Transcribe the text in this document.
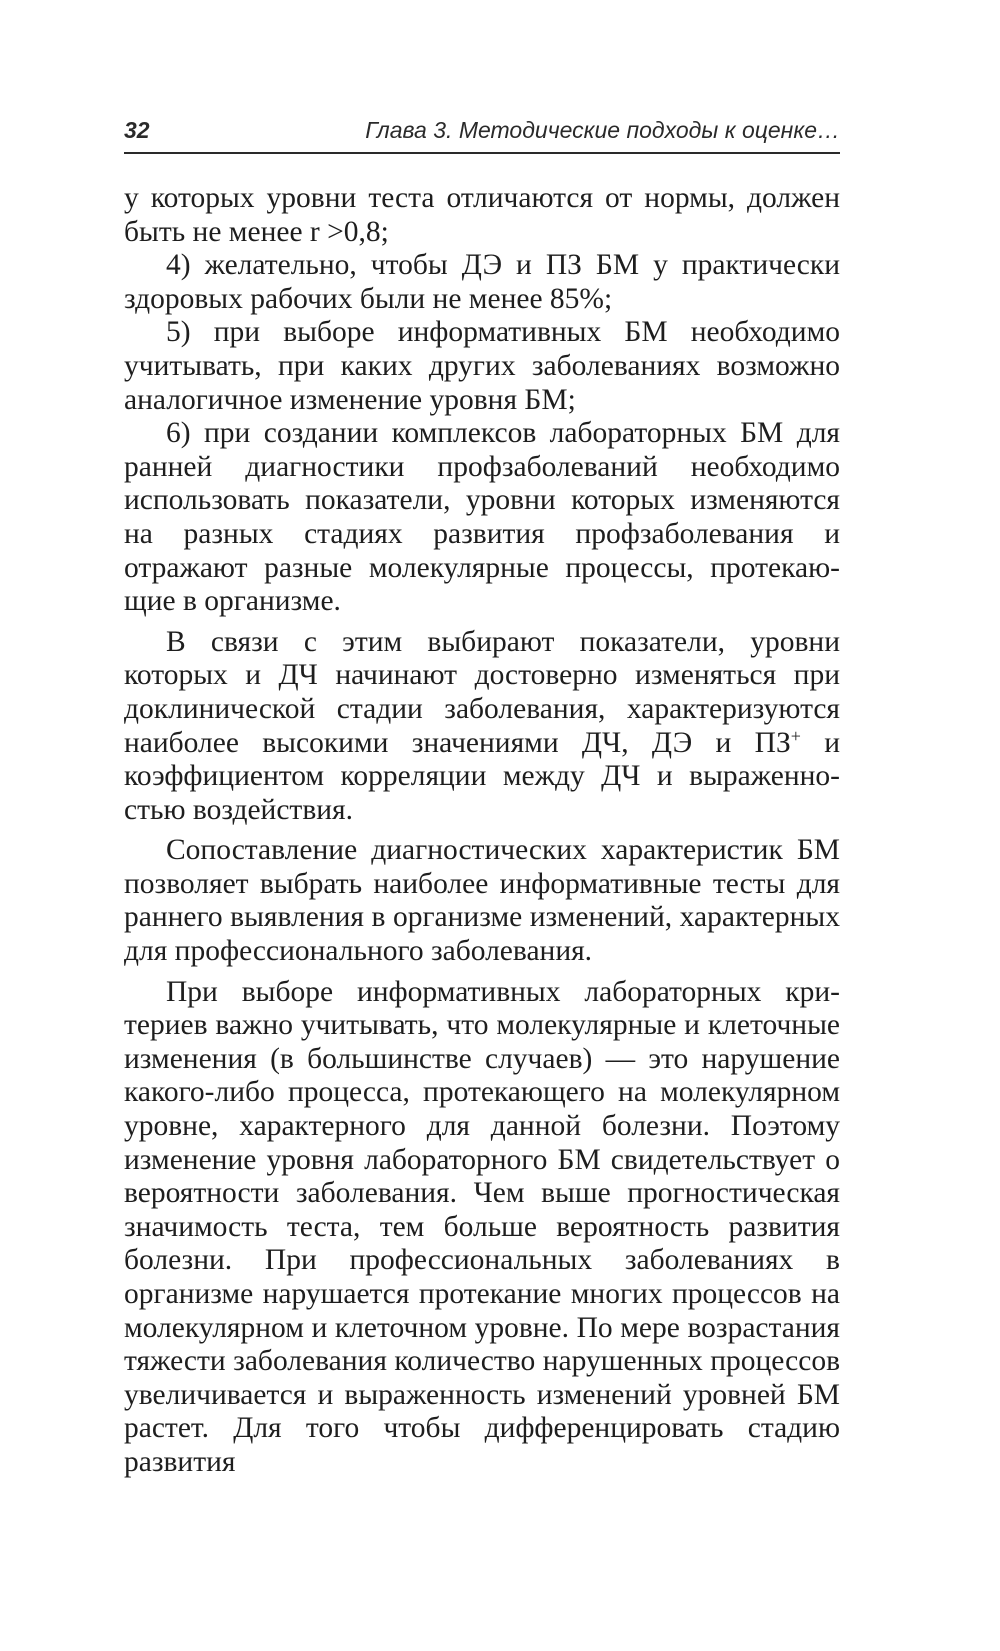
32	Глава 3. Методические подходы к оценке…

у которых уровни теста отличаются от нормы, должен быть не менее r >0,8;

4) желательно, чтобы ДЭ и ПЗ БМ у практически здоровых рабочих были не менее 85%;

5) при выборе информативных БМ необходимо учитывать, при каких других заболеваниях возможно аналогичное изменение уровня БМ;

6) при создании комплексов лабораторных БМ для ранней диагностики профзаболеваний необходимо использовать показатели, уровни которых изменяются на разных стадиях развития профзаболевания и отражают разные молекулярные процессы, протекающие в организме.

В связи с этим выбирают показатели, уровни которых и ДЧ начинают достоверно изменяться при доклинической стадии заболевания, характеризуются наиболее высокими значениями ДЧ, ДЭ и ПЗ+ и коэффициентом корреляции между ДЧ и выраженностью воздействия.

Сопоставление диагностических характеристик БМ позволяет выбрать наиболее информативные тесты для раннего выявления в организме изменений, характерных для профессионального заболевания.

При выборе информативных лабораторных критериев важно учитывать, что молекулярные и клеточные изменения (в большинстве случаев) — это нарушение какого-либо процесса, протекающего на молекулярном уровне, характерного для данной болезни. Поэтому изменение уровня лабораторного БМ свидетельствует о вероятности заболевания. Чем выше прогностическая значимость теста, тем больше вероятность развития болезни. При профессиональных заболеваниях в организме нарушается протекание многих процессов на молекулярном и клеточном уровне. По мере возрастания тяжести заболевания количество нарушенных процессов увеличивается и выраженность изменений уровней БМ растет. Для того чтобы дифференцировать стадию развития
